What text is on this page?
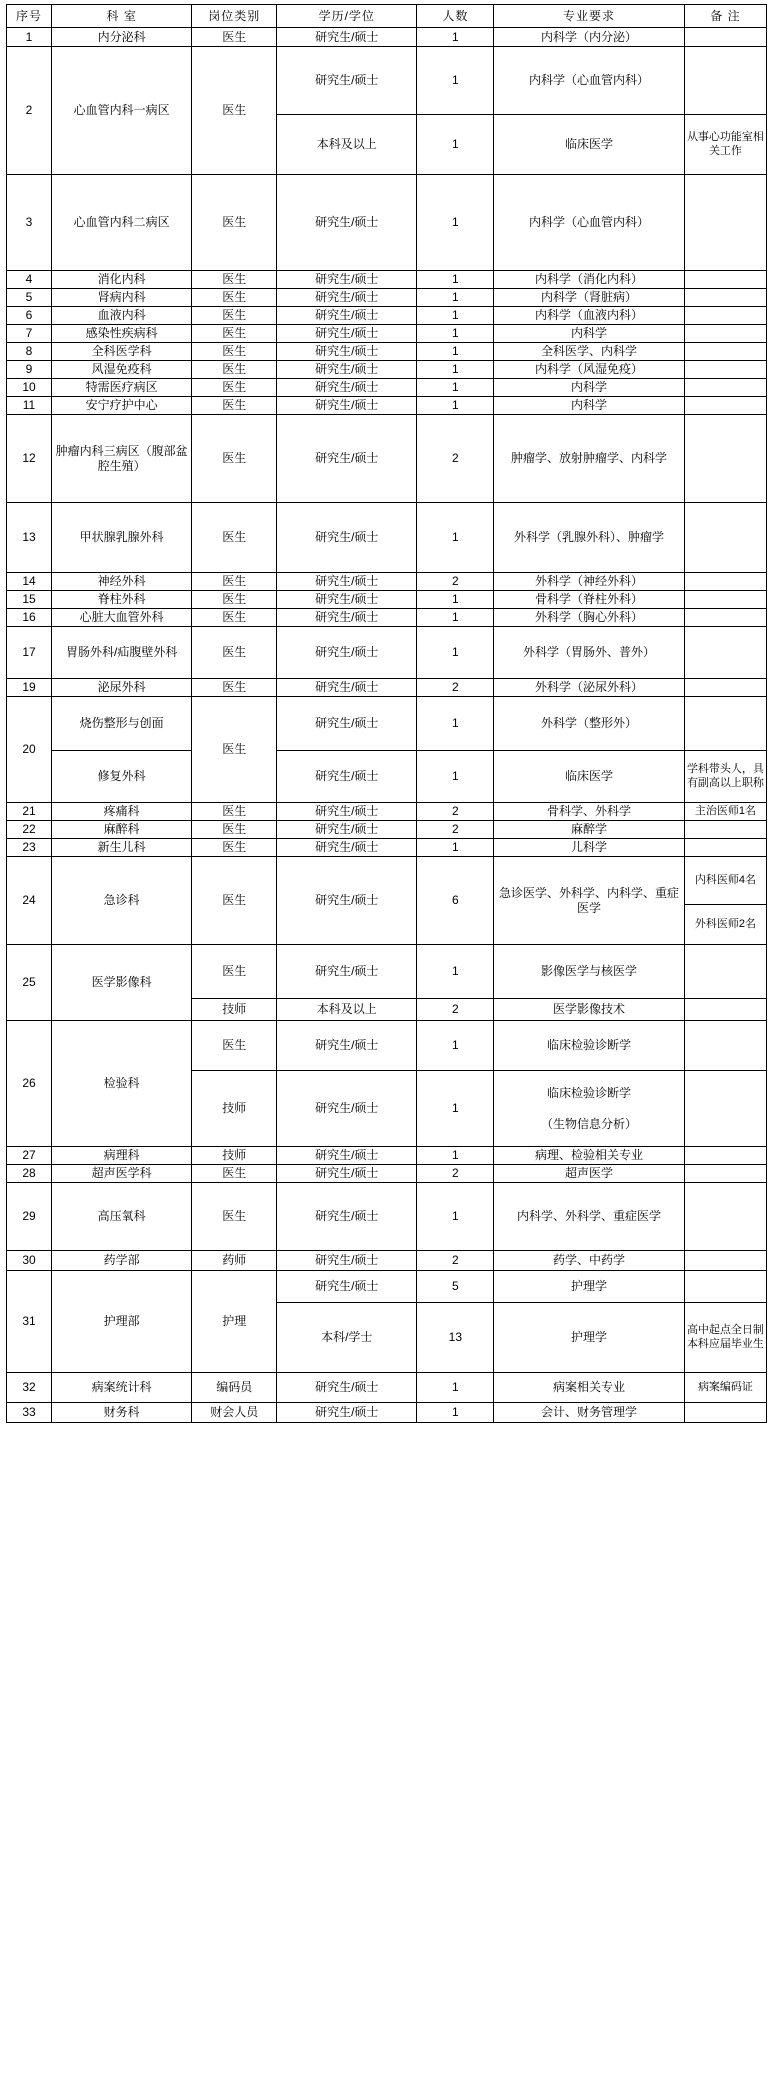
序号	科 室	岗位类别	学历/学位	人数	专业要求	备 注
1	内分泌科	医生	研究生/硕士	1	内科学（内分泌）	
2	心血管内科一病区	医生	研究生/硕士	1	内科学（心血管内科）	
			本科及以上	1	临床医学	从事心功能室相关工作
3	心血管内科二病区	医生	研究生/硕士	1	内科学（心血管内科）	
4	消化内科	医生	研究生/硕士	1	内科学（消化内科）	
5	肾病内科	医生	研究生/硕士	1	内科学（肾脏病）	
6	血液内科	医生	研究生/硕士	1	内科学（血液内科）	
7	感染性疾病科	医生	研究生/硕士	1	内科学	
8	全科医学科	医生	研究生/硕士	1	全科医学、内科学	
9	风湿免疫科	医生	研究生/硕士	1	内科学（风湿免疫）	
10	特需医疗病区	医生	研究生/硕士	1	内科学	
11	安宁疗护中心	医生	研究生/硕士	1	内科学	
12	肿瘤内科三病区（腹部盆腔生殖）	医生	研究生/硕士	2	肿瘤学、放射肿瘤学、内科学	
13	甲状腺乳腺外科	医生	研究生/硕士	1	外科学（乳腺外科）、肿瘤学	
14	神经外科	医生	研究生/硕士	2	外科学（神经外科）	
15	脊柱外科	医生	研究生/硕士	1	骨科学（脊柱外科）	
16	心脏大血管外科	医生	研究生/硕士	1	外科学（胸心外科）	
17	胃肠外科/疝腹壁外科	医生	研究生/硕士	1	外科学（胃肠外、普外）	
19	泌尿外科	医生	研究生/硕士	2	外科学（泌尿外科）	
20	烧伤整形与创面	医生	研究生/硕士	1	外科学（整形外）	
	修复外科		研究生/硕士	1	临床医学	学科带头人，具有副高以上职称
21	疼痛科	医生	研究生/硕士	2	骨科学、外科学	主治医师1名
22	麻醉科	医生	研究生/硕士	2	麻醉学	
23	新生儿科	医生	研究生/硕士	1	儿科学	
24	急诊科	医生	研究生/硕士	6	急诊医学、外科学、内科学、重症医学	内科医师4名
						外科医师2名
25	医学影像科	医生	研究生/硕士	1	影像医学与核医学	
		技师	本科及以上	2	医学影像技术	
26	检验科	医生	研究生/硕士	1	临床检验诊断学	
		技师	研究生/硕士	1	临床检验诊断学
（生物信息分析）	

27	病理科	技师	研究生/硕士	1	病理、检验相关专业	
28	超声医学科	医生	研究生/硕士	2	超声医学	
29	高压氧科	医生	研究生/硕士	1	内科学、外科学、重症医学	
30	药学部	药师	研究生/硕士	2	药学、中药学	
31	护理部	护理	研究生/硕士	5	护理学	
			本科/学士	13	护理学	高中起点全日制本科应届毕业生
32	病案统计科	编码员	研究生/硕士	1	病案相关专业	病案编码证
33	财务科	财会人员	研究生/硕士	1	会计、财务管理学	
